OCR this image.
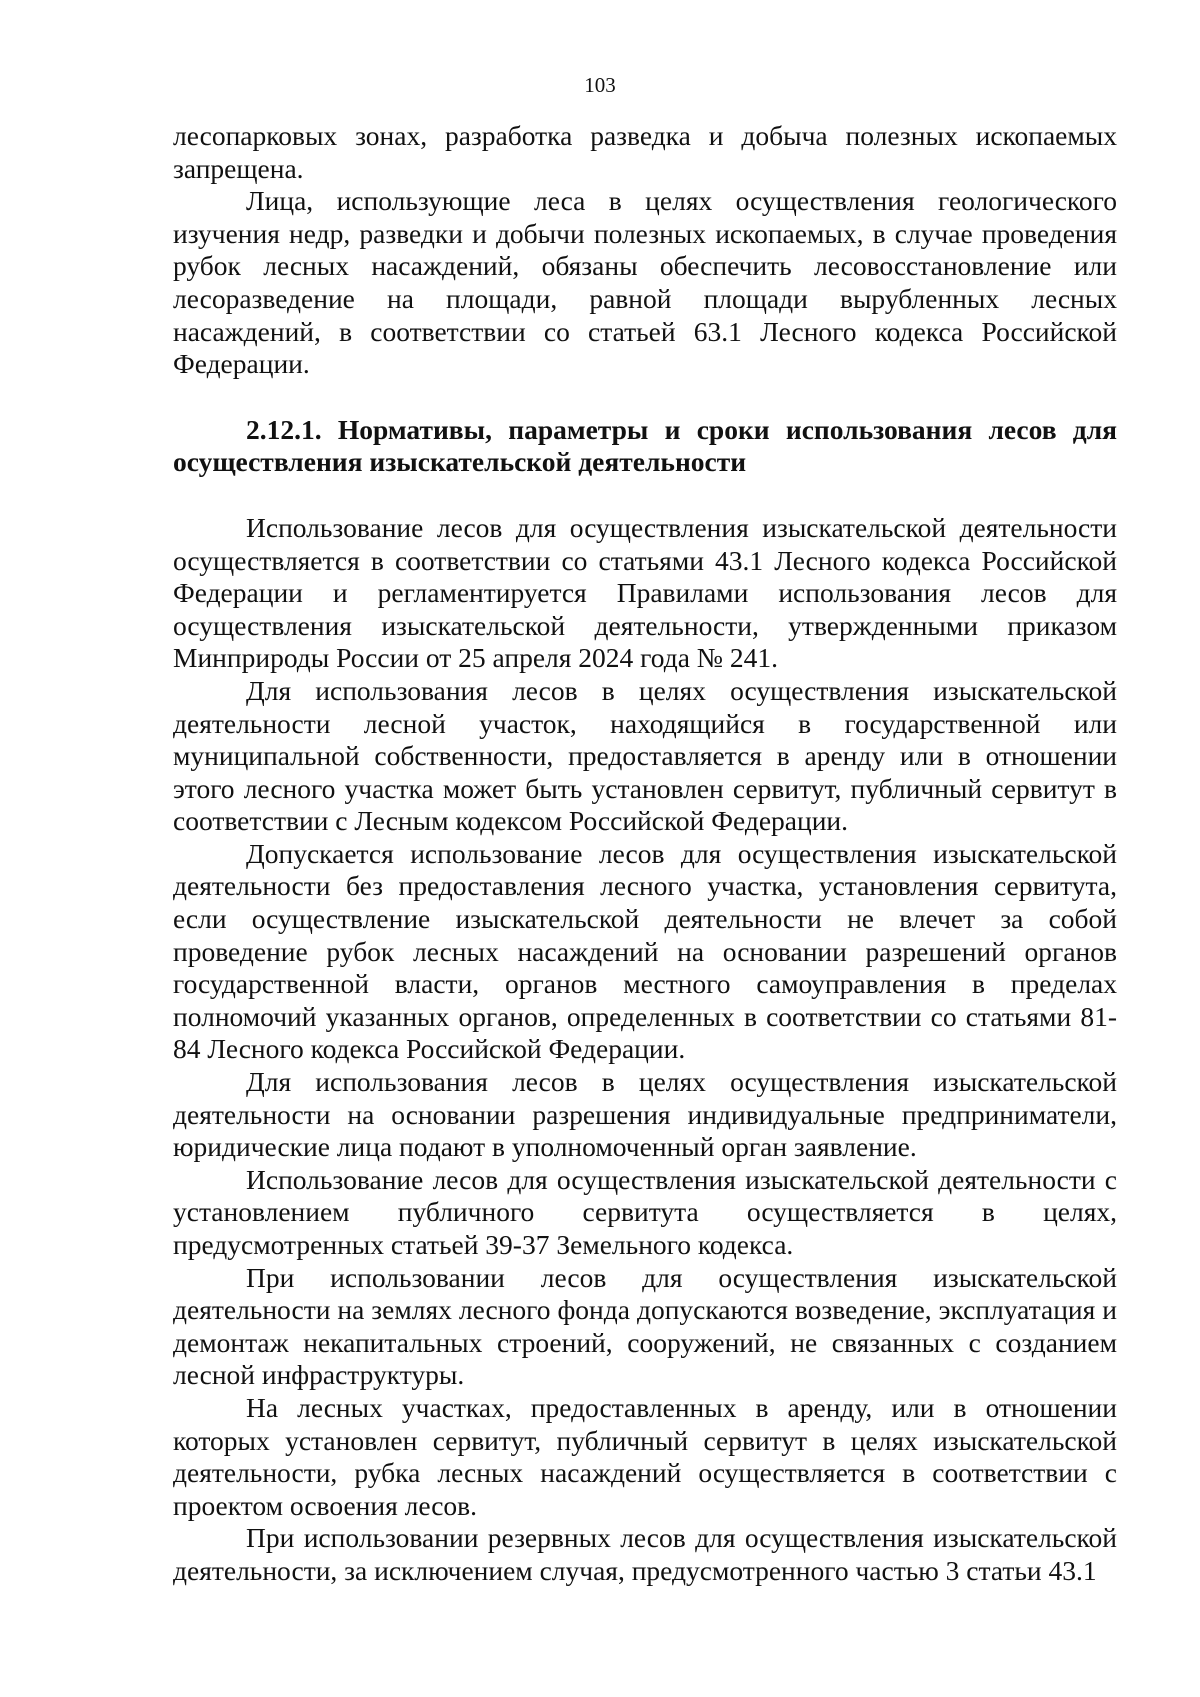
103

лесопарковых зонах, разработка разведка и добыча полезных ископаемых запрещена.

Лица, использующие леса в целях осуществления геологического изучения недр, разведки и добычи полезных ископаемых, в случае проведения рубок лесных насаждений, обязаны обеспечить лесовосстановление или лесоразведение на площади, равной площади вырубленных лесных насаждений, в соответствии со статьей 63.1 Лесного кодекса Российской Федерации.

2.12.1. Нормативы, параметры и сроки использования лесов для осуществления изыскательской деятельности

Использование лесов для осуществления изыскательской деятельности осуществляется в соответствии со статьями 43.1 Лесного кодекса Российской Федерации и регламентируется Правилами использования лесов для осуществления изыскательской деятельности, утвержденными приказом Минприроды России от 25 апреля 2024 года № 241.

Для использования лесов в целях осуществления изыскательской деятельности лесной участок, находящийся в государственной или муниципальной собственности, предоставляется в аренду или в отношении этого лесного участка может быть установлен сервитут, публичный сервитут в соответствии с Лесным кодексом Российской Федерации.

Допускается использование лесов для осуществления изыскательской деятельности без предоставления лесного участка, установления сервитута, если осуществление изыскательской деятельности не влечет за собой проведение рубок лесных насаждений на основании разрешений органов государственной власти, органов местного самоуправления в пределах полномочий указанных органов, определенных в соответствии со статьями 81-84 Лесного кодекса Российской Федерации.

Для использования лесов в целях осуществления изыскательской деятельности на основании разрешения индивидуальные предприниматели, юридические лица подают в уполномоченный орган заявление.

Использование лесов для осуществления изыскательской деятельности с установлением публичного сервитута осуществляется в целях, предусмотренных статьей 39-37 Земельного кодекса.

При использовании лесов для осуществления изыскательской деятельности на землях лесного фонда допускаются возведение, эксплуатация и демонтаж некапитальных строений, сооружений, не связанных с созданием лесной инфраструктуры.

На лесных участках, предоставленных в аренду, или в отношении которых установлен сервитут, публичный сервитут в целях изыскательской деятельности, рубка лесных насаждений осуществляется в соответствии с проектом освоения лесов.

При использовании резервных лесов для осуществления изыскательской деятельности, за исключением случая, предусмотренного частью 3 статьи 43.1
